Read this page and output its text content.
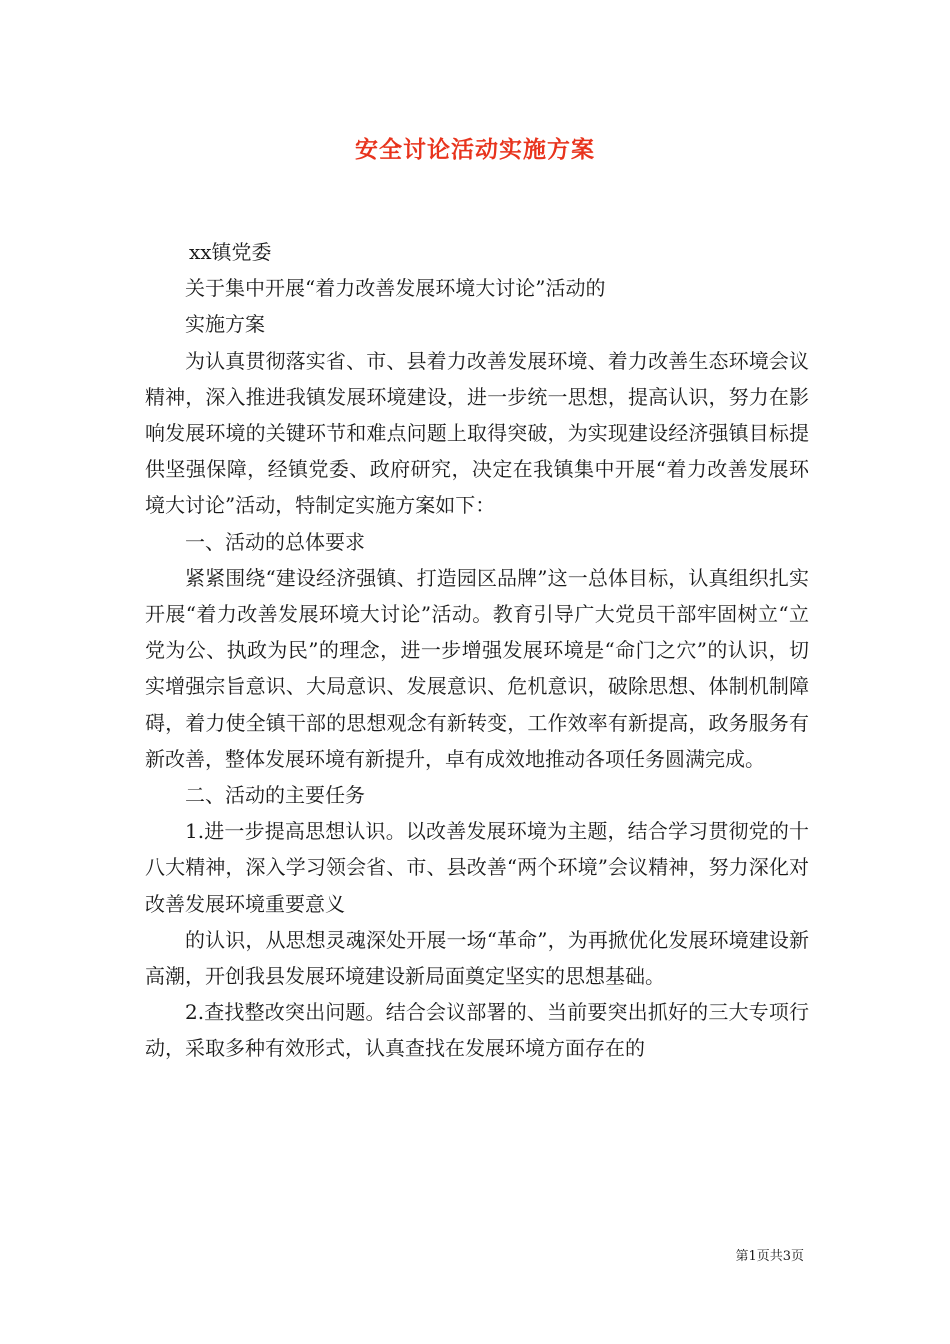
安全讨论活动实施方案

xx镇党委

关于集中开展“着力改善发展环境大讨论”活动的

实施方案

为认真贯彻落实省、市、县着力改善发展环境、着力改善生态环境会议精神，深入推进我镇发展环境建设，进一步统一思想，提高认识，努力在影响发展环境的关键环节和难点问题上取得突破，为实现建设经济强镇目标提供坚强保障，经镇党委、政府研究，决定在我镇集中开展“着力改善发展环境大讨论”活动，特制定实施方案如下：

一、活动的总体要求

紧紧围绕“建设经济强镇、打造园区品牌”这一总体目标，认真组织扎实开展“着力改善发展环境大讨论”活动。教育引导广大党员干部牢固树立“立党为公、执政为民”的理念，进一步增强发展环境是“命门之穴”的认识，切实增强宗旨意识、大局意识、发展意识、危机意识，破除思想、体制机制障碍，着力使全镇干部的思想观念有新转变，工作效率有新提高，政务服务有新改善，整体发展环境有新提升，卓有成效地推动各项任务圆满完成。

二、活动的主要任务

1.进一步提高思想认识。以改善发展环境为主题，结合学习贯彻党的十八大精神，深入学习领会省、市、县改善“两个环境”会议精神，努力深化对改善发展环境重要意义

的认识，从思想灵魂深处开展一场“革命”，为再掀优化发展环境建设新高潮，开创我县发展环境建设新局面奠定坚实的思想基础。

2.查找整改突出问题。结合会议部署的、当前要突出抓好的三大专项行动，采取多种有效形式，认真查找在发展环境方面存在的

第1页共3页
